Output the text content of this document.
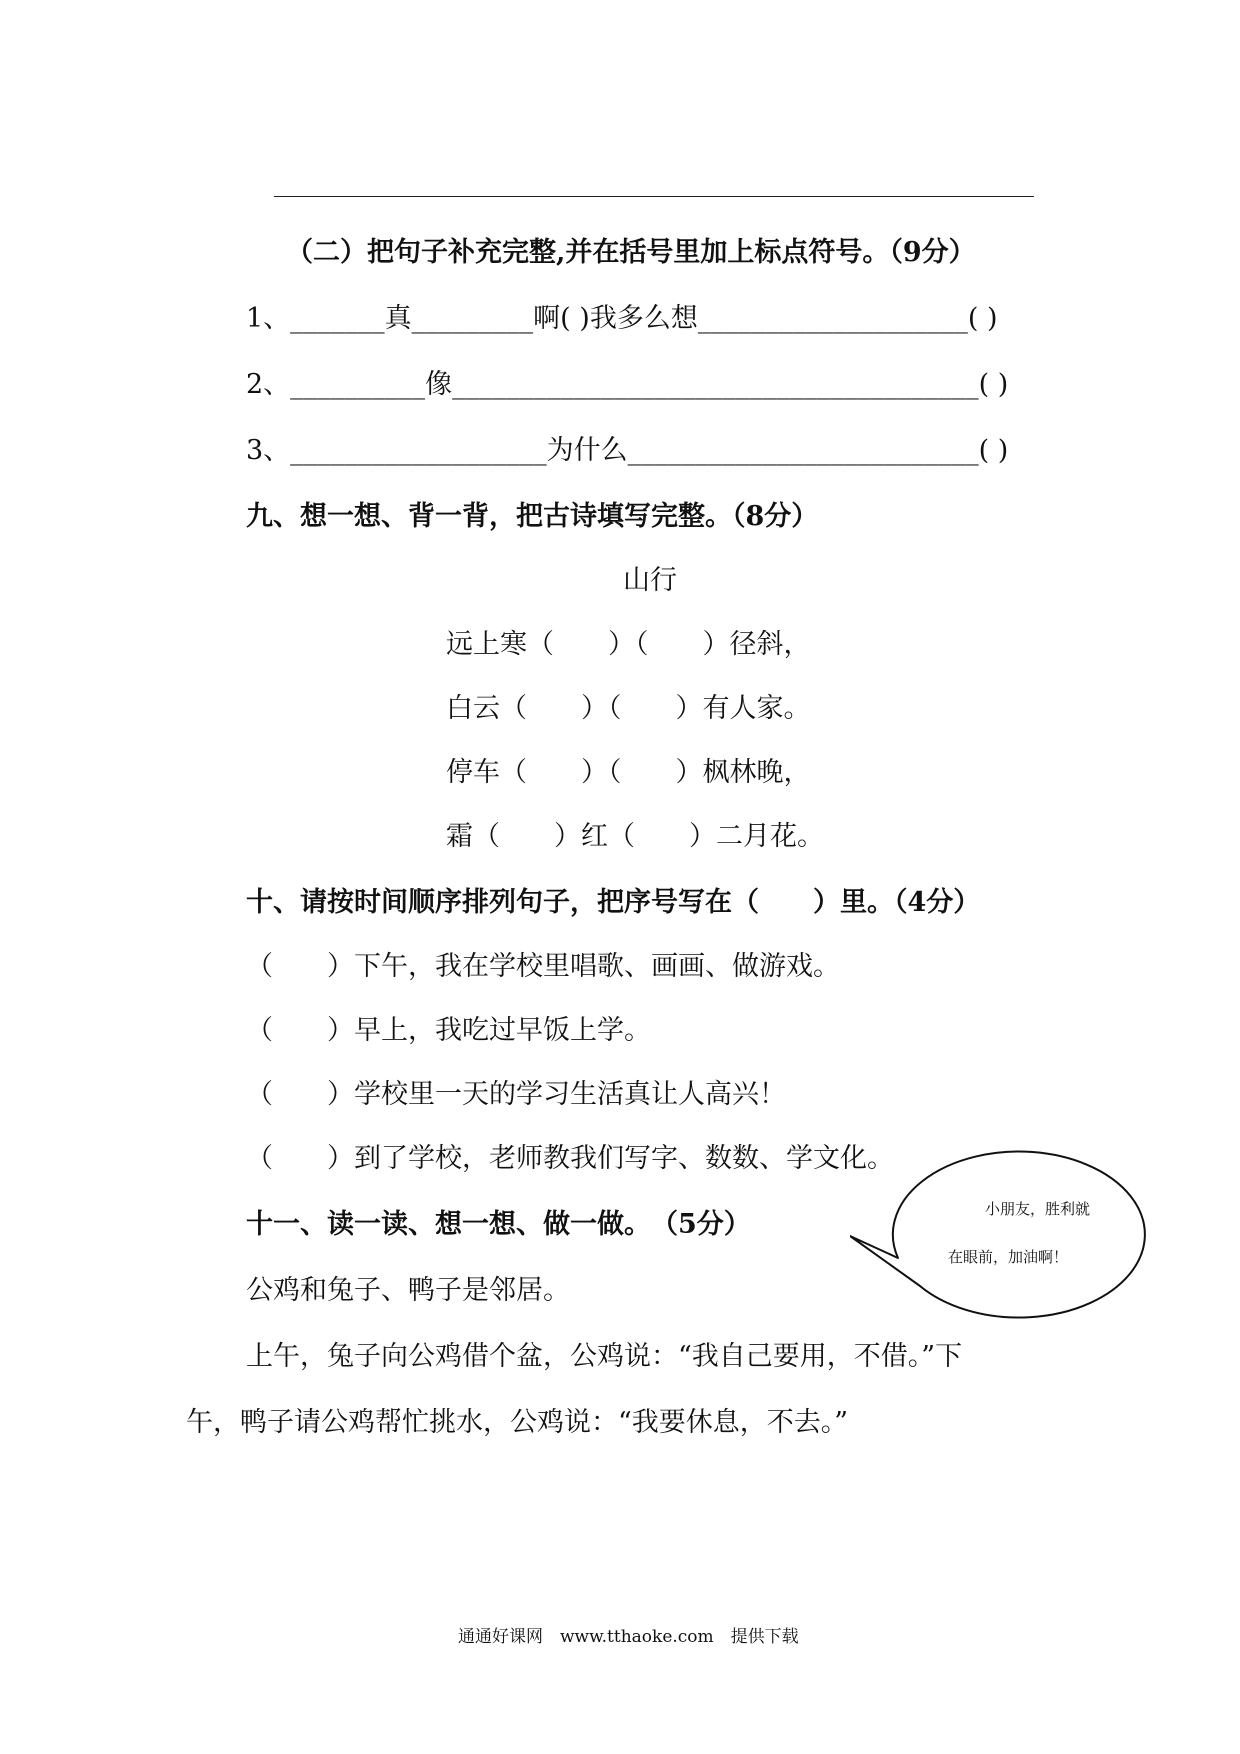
（二）把句子补充完整,并在括号里加上标点符号。（9分）
1、_______真_________啊( )我多么想____________________( )
2、__________像_______________________________________( )
3、___________________为什么__________________________( )
九、想一想、背一背，把古诗填写完整。（8分）
山行
远上寒（　　）（　　）径斜，
白云（　　）（　　）有人家。
停车（　　）（　　）枫林晚，
霜（　　）红（　　）二月花。
十、请按时间顺序排列句子，把序号写在（　　）里。（4分）
（　　）下午，我在学校里唱歌、画画、做游戏。
（　　）早上，我吃过早饭上学。
（　　）学校里一天的学习生活真让人高兴！
（　　）到了学校，老师教我们写字、数数、学文化。
十一、读一读、想一想、做一做。　（5分）
公鸡和兔子、鸭子是邻居。
上午，兔子向公鸡借个盆，公鸡说：“我自己要用，不借。”下
午，鸭子请公鸡帮忙挑水，公鸡说：“我要休息，不去。”
小朋友，胜利就
在眼前，加油啊！
通通好课网　www.tthaoke.com　提供下载
